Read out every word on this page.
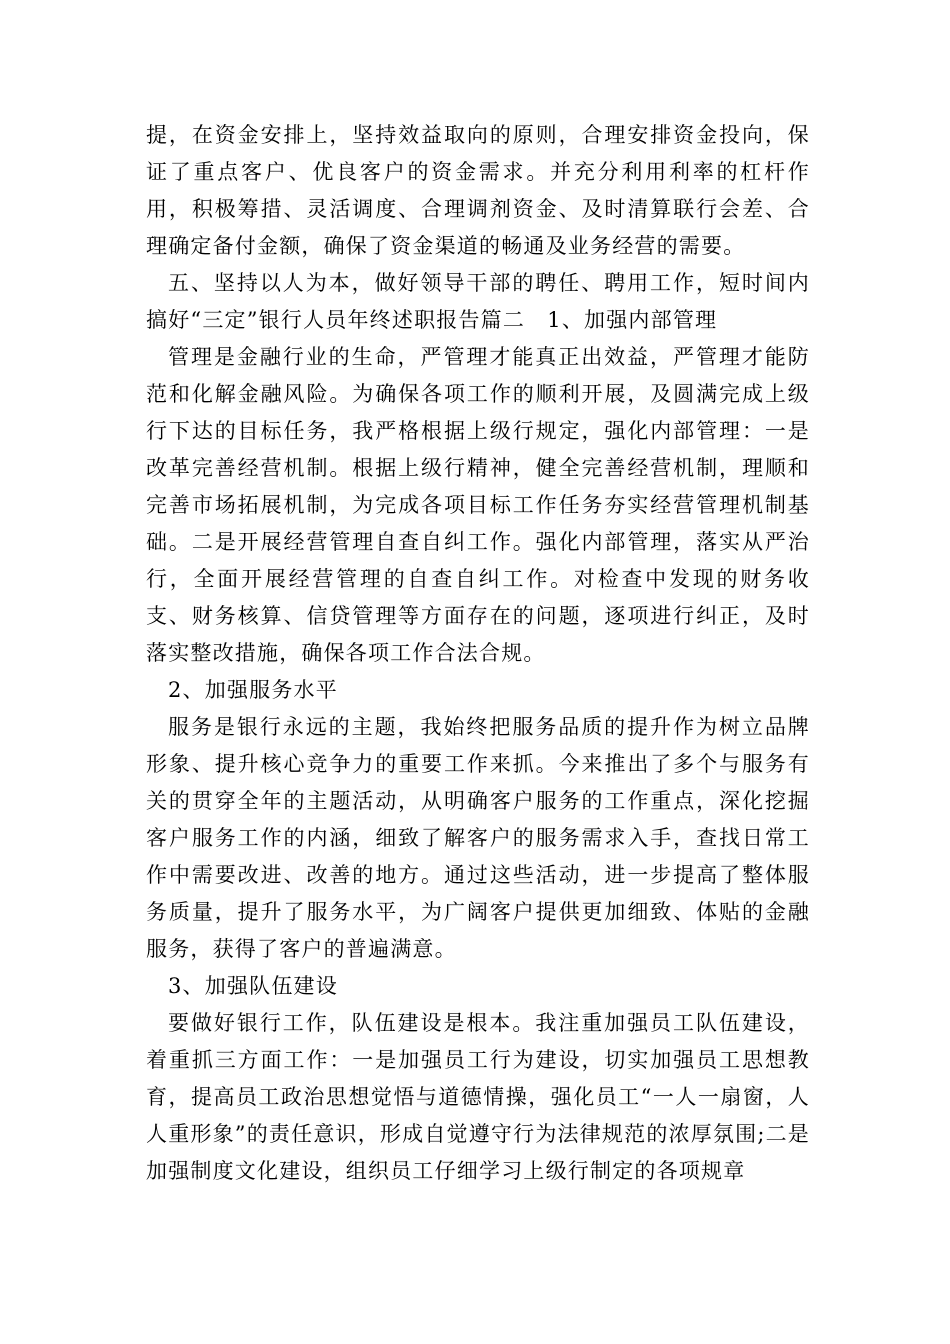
提，在资金安排上，坚持效益取向的原则，合理安排资金投向，保证了重点客户、优良客户的资金需求。并充分利用利率的杠杆作用，积极筹措、灵活调度、合理调剂资金、及时清算联行会差、合理确定备付金额，确保了资金渠道的畅通及业务经营的需要。

五、坚持以人为本，做好领导干部的聘任、聘用工作，短时间内搞好“三定”银行人员年终述职报告篇二　1、加强内部管理

管理是金融行业的生命，严管理才能真正出效益，严管理才能防范和化解金融风险。为确保各项工作的顺利开展，及圆满完成上级行下达的目标任务，我严格根据上级行规定，强化内部管理：一是改革完善经营机制。根据上级行精神，健全完善经营机制，理顺和完善市场拓展机制，为完成各项目标工作任务夯实经营管理机制基础。二是开展经营管理自查自纠工作。强化内部管理，落实从严治行，全面开展经营管理的自查自纠工作。对检查中发现的财务收支、财务核算、信贷管理等方面存在的问题，逐项进行纠正，及时落实整改措施，确保各项工作合法合规。

2、加强服务水平

服务是银行永远的主题，我始终把服务品质的提升作为树立品牌形象、提升核心竞争力的重要工作来抓。今来推出了多个与服务有关的贯穿全年的主题活动，从明确客户服务的工作重点，深化挖掘客户服务工作的内涵，细致了解客户的服务需求入手，查找日常工作中需要改进、改善的地方。通过这些活动，进一步提高了整体服务质量，提升了服务水平，为广阔客户提供更加细致、体贴的金融服务，获得了客户的普遍满意。

3、加强队伍建设

要做好银行工作，队伍建设是根本。我注重加强员工队伍建设，着重抓三方面工作：一是加强员工行为建设，切实加强员工思想教育，提高员工政治思想觉悟与道德情操，强化员工“一人一扇窗，人人重形象”的责任意识，形成自觉遵守行为法律规范的浓厚氛围;二是加强制度文化建设，组织员工仔细学习上级行制定的各项规章
